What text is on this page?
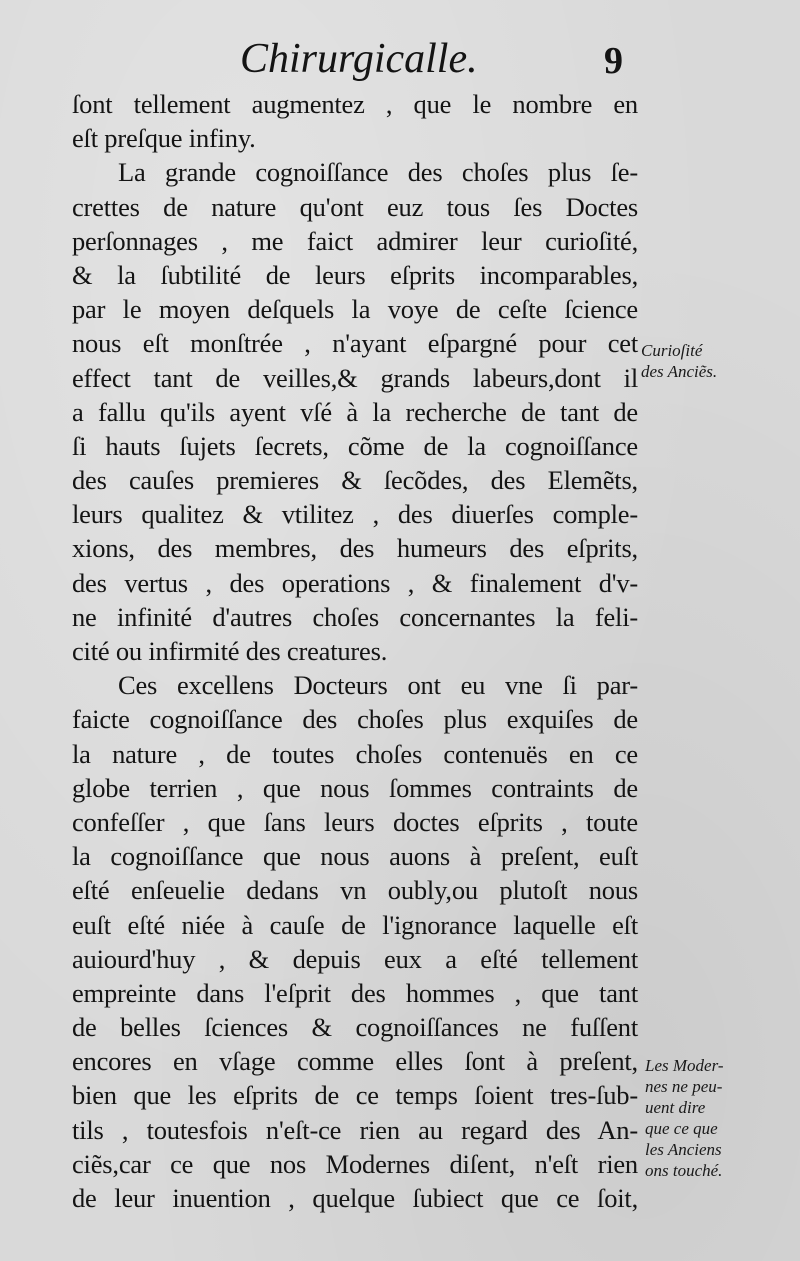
Chirurgicalle.	9
ſont tellement augmentez , que le nombre en
eſt preſque infiny.
La grande cognoiſſance des choſes plus ſe-
crettes de nature qu'ont euz tous ſes Doctes
perſonnages , me faict admirer leur curioſité,
& la ſubtilité de leurs eſprits incomparables,
par le moyen deſquels la voye de ceſte ſcience
nous eſt monſtrée , n'ayant eſpargné pour cet
effect tant de veilles,& grands labeurs,dont il
a fallu qu'ils ayent vſé à la recherche de tant de
ſi hauts ſujets ſecrets, cõme de la cognoiſſance
des cauſes premieres & ſecõdes, des Elemẽts,
leurs qualitez & vtilitez , des diuerſes comple-
xions, des membres, des humeurs des eſprits,
des vertus , des operations , & finalement d'v-
ne infinité d'autres choſes concernantes la feli-
cité ou infirmité des creatures.
Ces excellens Docteurs ont eu vne ſi par-
faicte cognoiſſance des choſes plus exquiſes de
la nature , de toutes choſes contenuës en ce
globe terrien , que nous ſommes contraints de
confeſſer , que ſans leurs doctes eſprits , toute
la cognoiſſance que nous auons à preſent, euſt
eſté enſeuelie dedans vn oubly,ou plutoſt nous
euſt eſté niée à cauſe de l'ignorance laquelle eſt
auiourd'huy , & depuis eux a eſté tellement
empreinte dans l'eſprit des hommes , que tant
de belles ſciences & cognoiſſances ne fuſſent
encores en vſage comme elles ſont à preſent,
bien que les eſprits de ce temps ſoient tres-ſub-
tils , toutesfois n'eſt-ce rien au regard des An-
ciẽs,car ce que nos Modernes diſent, n'eſt rien
de leur inuention , quelque ſubiect que ce ſoit,
Curioſité
des Anciẽs.
Les Moder-
nes ne peu-
uent dire
que ce que
les Anciens
ons touché.
